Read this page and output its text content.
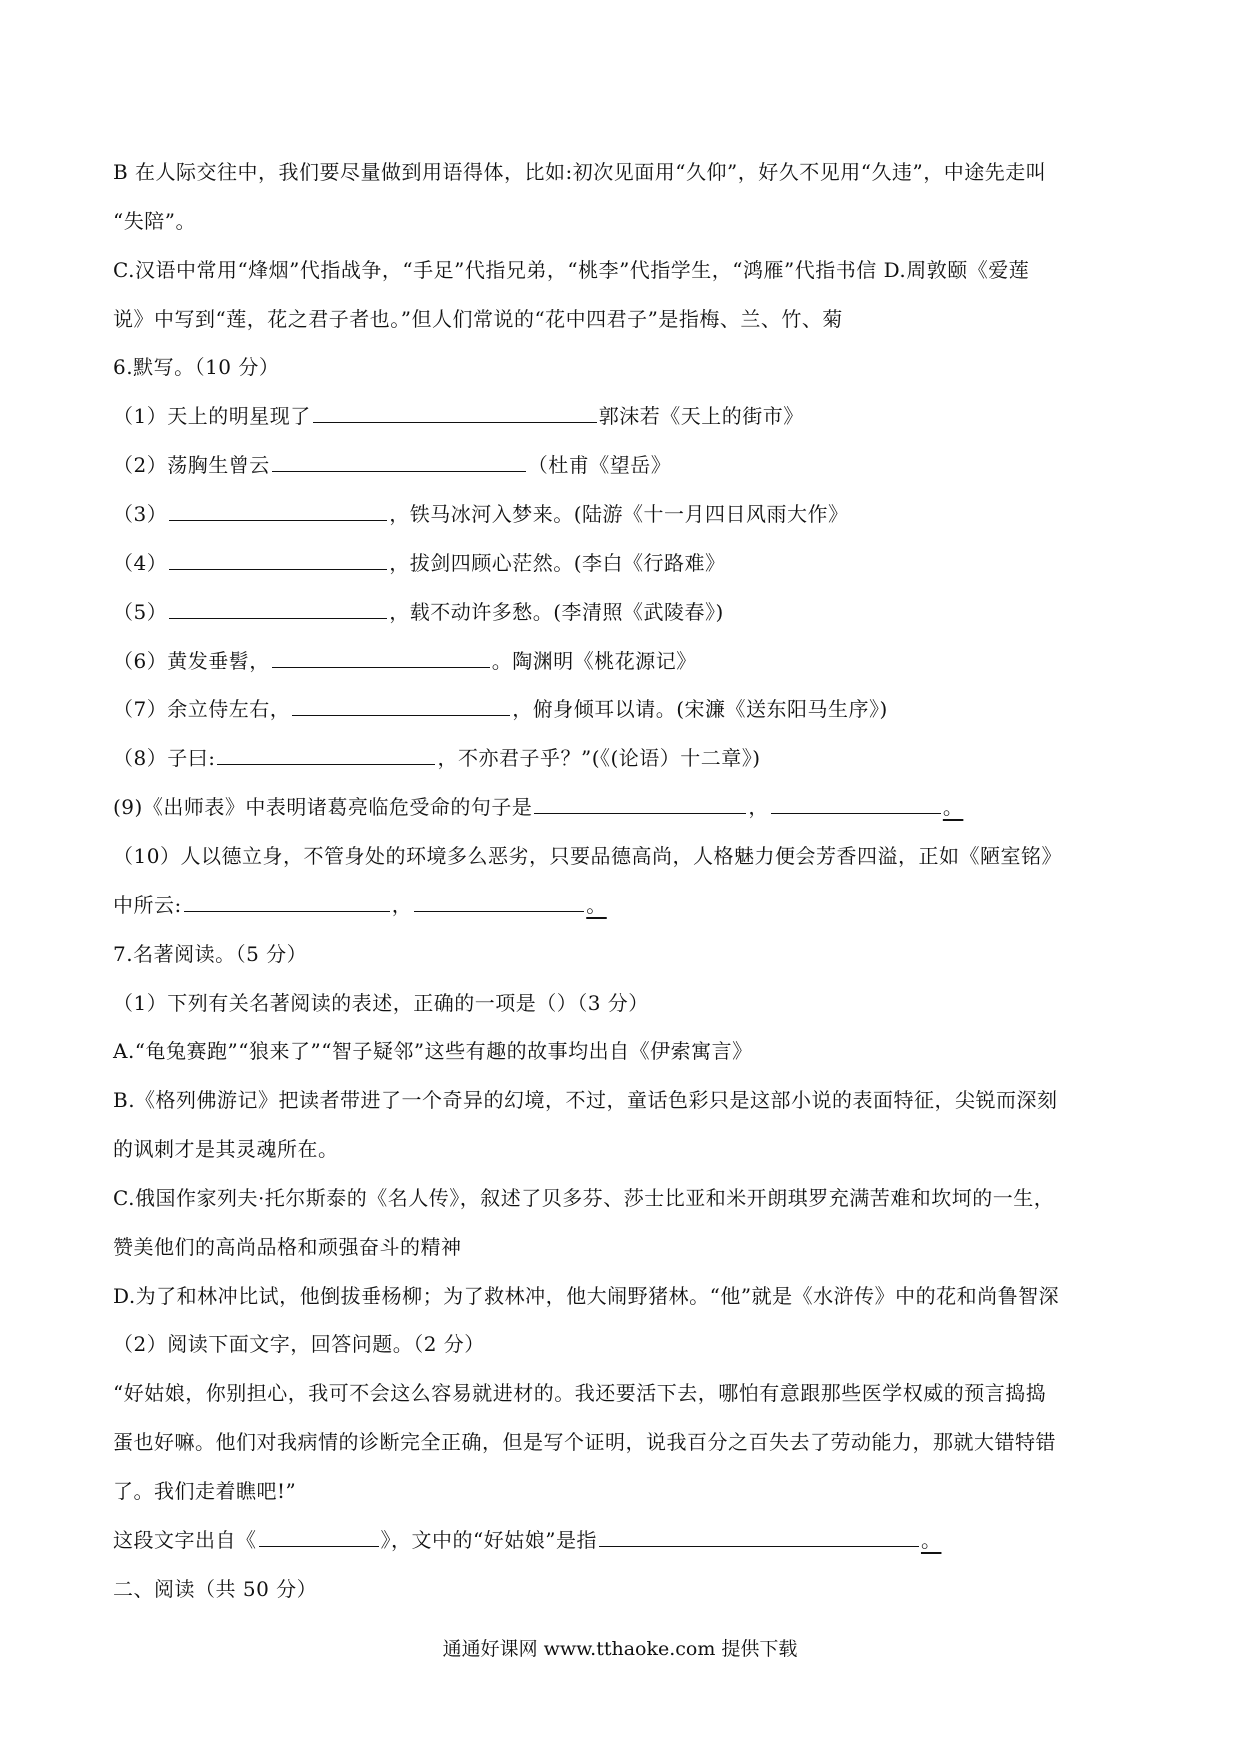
B 在人际交往中，我们要尽量做到用语得体，比如:初次见面用“久仰”，好久不见用“久违”，中途先走叫
“失陪”。
C.汉语中常用“烽烟”代指战争，“手足”代指兄弟，“桃李”代指学生，“鸿雁”代指书信 D.周敦颐《爱莲
说》中写到“莲，花之君子者也。”但人们常说的“花中四君子”是指梅、兰、竹、菊
6.默写。（10 分）
（1）天上的明星现了	郭沫若《天上的街市》
（2）荡胸生曾云	（杜甫《望岳》
（3）	，铁马冰河入梦来。(陆游《十一月四日风雨大作》
（4）	，拔剑四顾心茫然。(李白《行路难》
（5）	，载不动许多愁。(李清照《武陵春》)
（6）黄发垂髫，	。陶渊明《桃花源记》
（7）余立侍左右，	，俯身倾耳以请。(宋濂《送东阳马生序》)
（8）子曰:	，不亦君子乎？”(《(论语）十二章》)
(9)《出师表》中表明诸葛亮临危受命的句子是	，	。
（10）人以德立身，不管身处的环境多么恶劣，只要品德高尚，人格魅力便会芳香四溢，正如《陋室铭》
中所云:	，	。
7.名著阅读。（5 分）
（1）下列有关名著阅读的表述，正确的一项是（）（3 分）
A.“龟兔赛跑”“狼来了”“智子疑邻”这些有趣的故事均出自《伊索寓言》
B.《格列佛游记》把读者带进了一个奇异的幻境，不过，童话色彩只是这部小说的表面特征，尖锐而深刻
的讽刺才是其灵魂所在。
C.俄国作家列夫·托尔斯泰的《名人传》，叙述了贝多芬、莎士比亚和米开朗琪罗充满苦难和坎坷的一生，
赞美他们的高尚品格和顽强奋斗的精神
D.为了和林冲比试，他倒拔垂杨柳；为了救林冲，他大闹野猪林。“他”就是《水浒传》中的花和尚鲁智深
（2）阅读下面文字，回答问题。（2 分）
“好姑娘，你别担心，我可不会这么容易就进材的。我还要活下去，哪怕有意跟那些医学权威的预言捣捣
蛋也好嘛。他们对我病情的诊断完全正确，但是写个证明，说我百分之百失去了劳动能力，那就大错特错
了。我们走着瞧吧!”
这段文字出自《	》，文中的“好姑娘”是指	。
二、阅读（共 50 分）
通通好课网 www.tthaoke.com 提供下载
